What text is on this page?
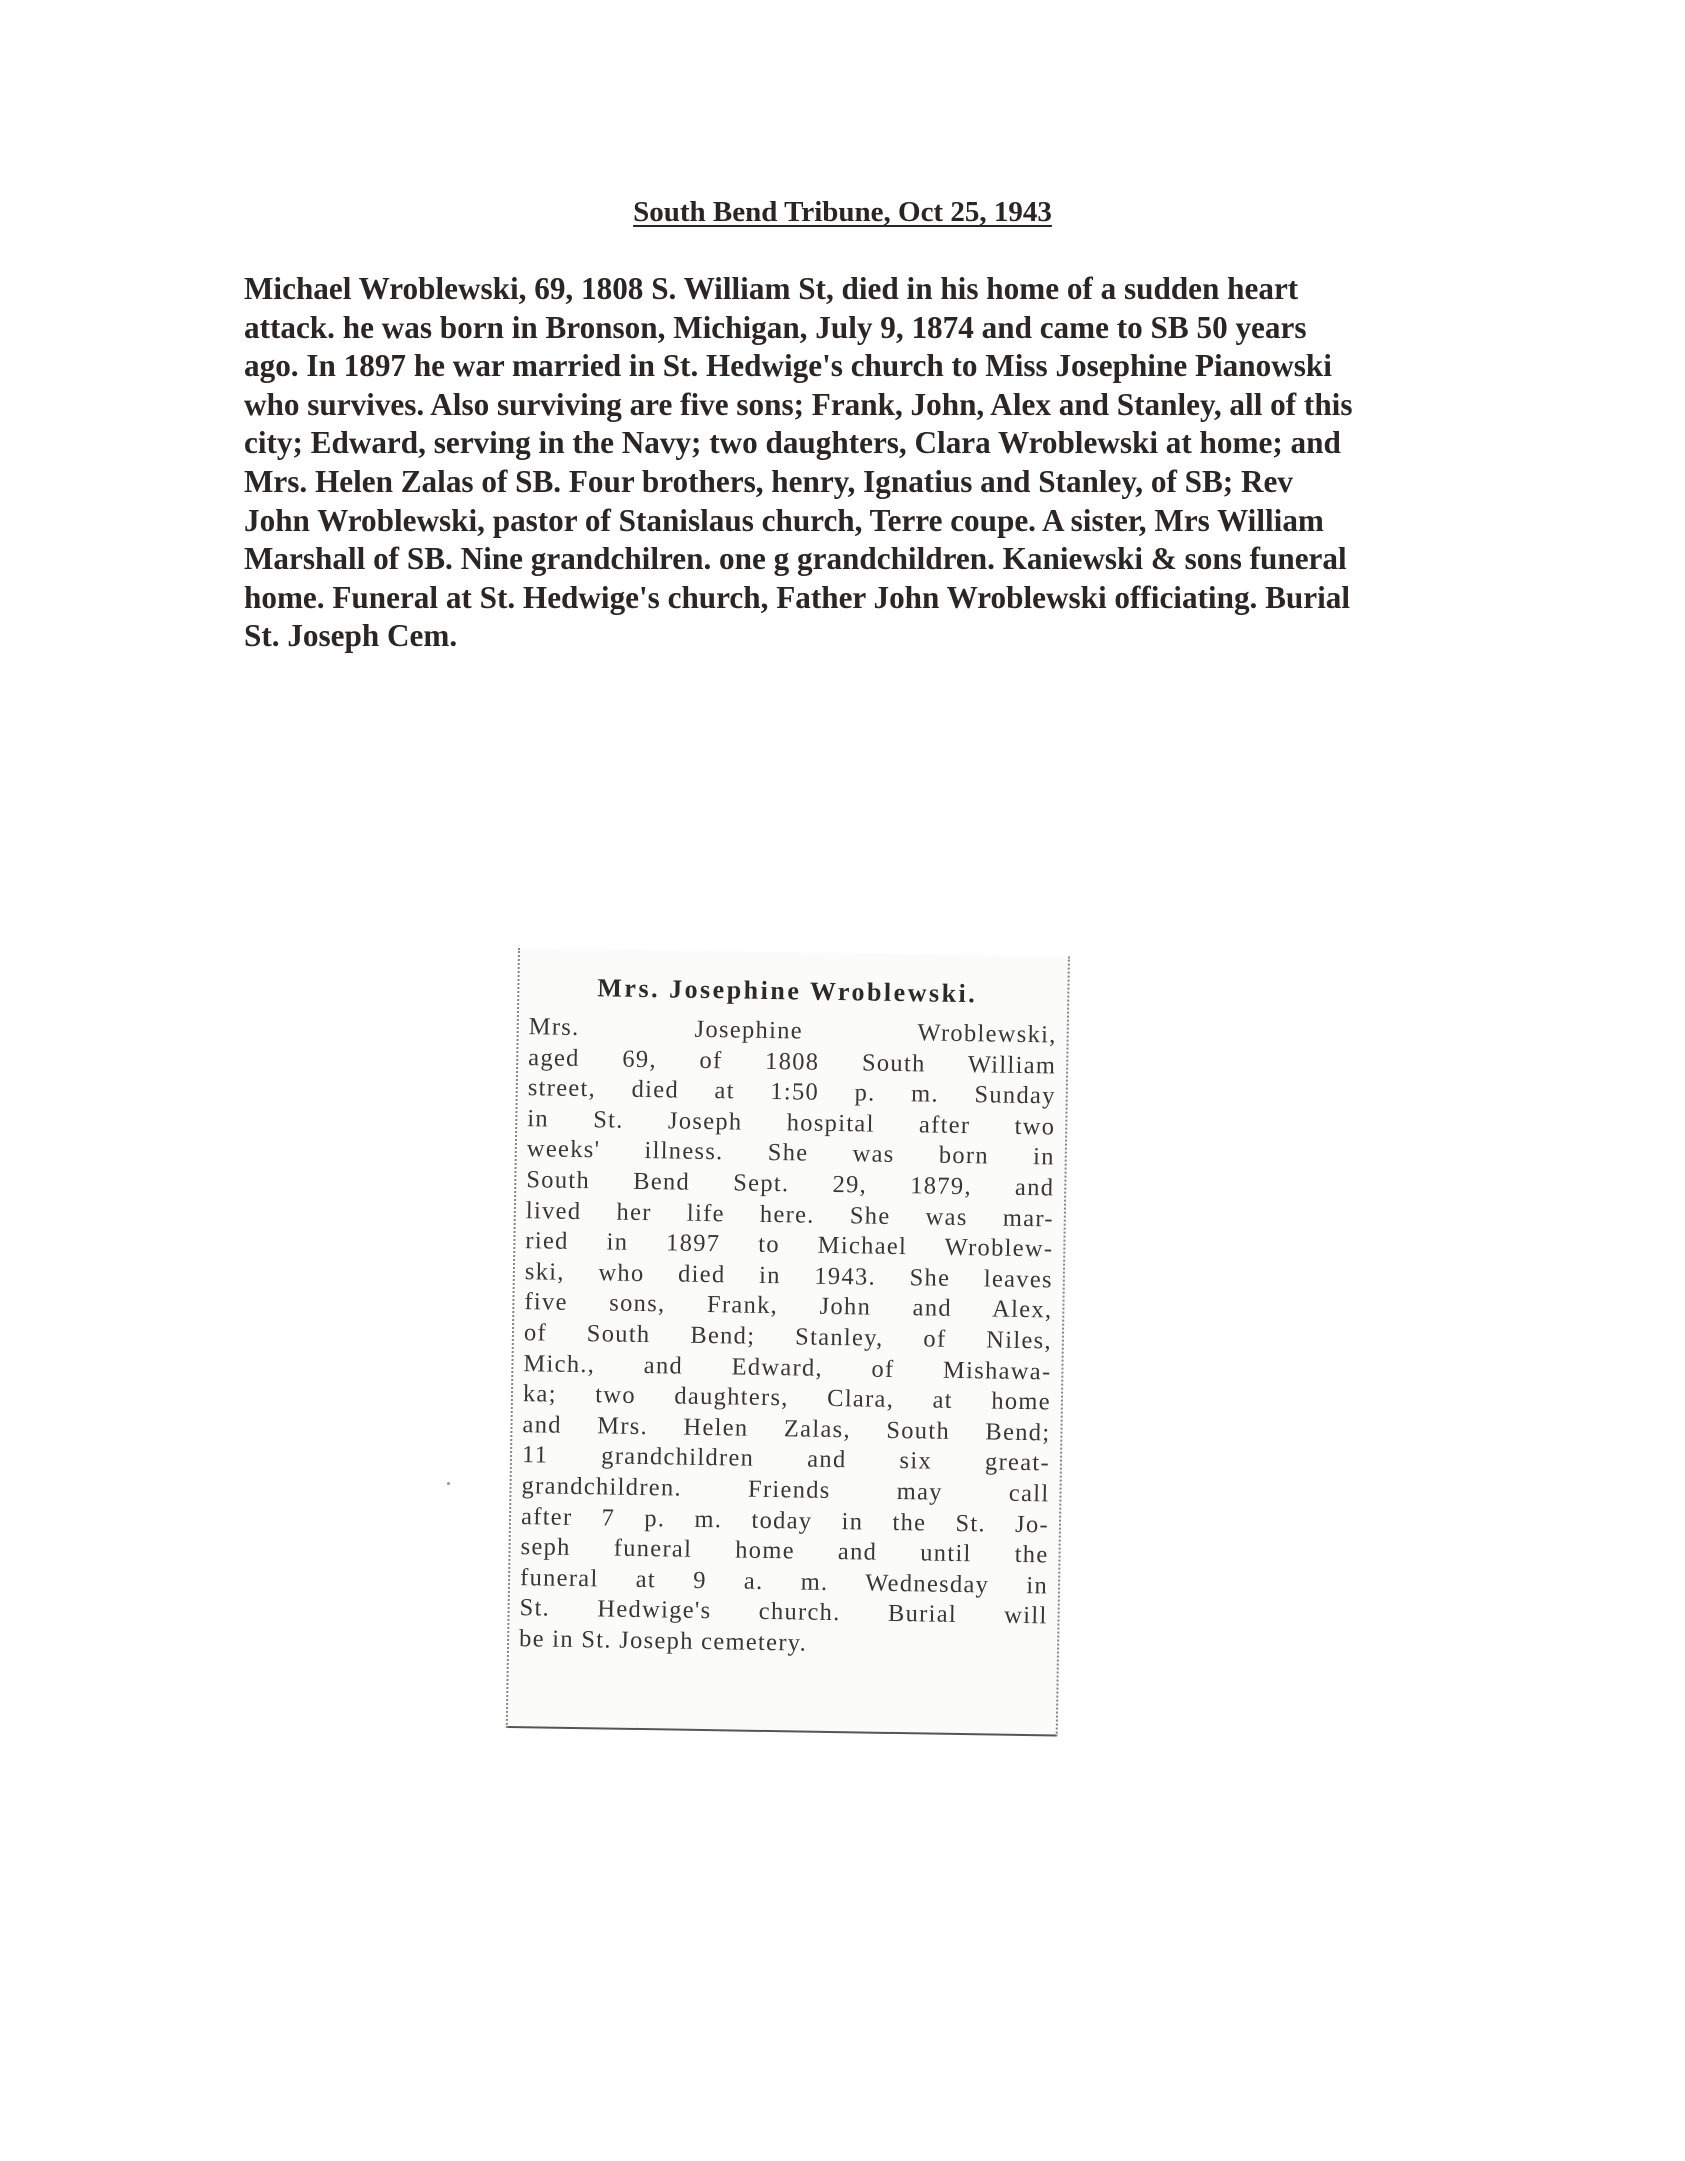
South Bend Tribune, Oct 25, 1943
Michael Wroblewski, 69, 1808 S. William St, died in his home of a sudden heart
attack. he was born in Bronson, Michigan, July 9, 1874 and came to SB 50 years
ago. In 1897 he war married in St. Hedwige's church to Miss Josephine Pianowski
who survives. Also surviving are five sons; Frank, John, Alex and Stanley, all of this
city; Edward, serving in the Navy; two daughters, Clara Wroblewski at home; and
Mrs. Helen Zalas of SB. Four brothers, henry, Ignatius and Stanley, of SB; Rev
John Wroblewski, pastor of Stanislaus church, Terre coupe. A sister, Mrs William
Marshall of SB. Nine grandchilren. one g grandchildren. Kaniewski & sons funeral
home. Funeral at St. Hedwige's church, Father John Wroblewski officiating. Burial
St. Joseph Cem.
Mrs. Josephine Wroblewski.
Mrs. Josephine Wroblewski,
aged 69, of 1808 South William
street, died at 1:50 p. m. Sunday
in St. Joseph hospital after two
weeks' illness. She was born in
South Bend Sept. 29, 1879, and
lived her life here. She was mar-
ried in 1897 to Michael Wroblew-
ski, who died in 1943. She leaves
five sons, Frank, John and Alex,
of South Bend; Stanley, of Niles,
Mich., and Edward, of Mishawa-
ka; two daughters, Clara, at home
and Mrs. Helen Zalas, South Bend;
11 grandchildren and six great-
grandchildren. Friends may call
after 7 p. m. today in the St. Jo-
seph funeral home and until the
funeral at 9 a. m. Wednesday in
St. Hedwige's church. Burial will
be in St. Joseph cemetery.
